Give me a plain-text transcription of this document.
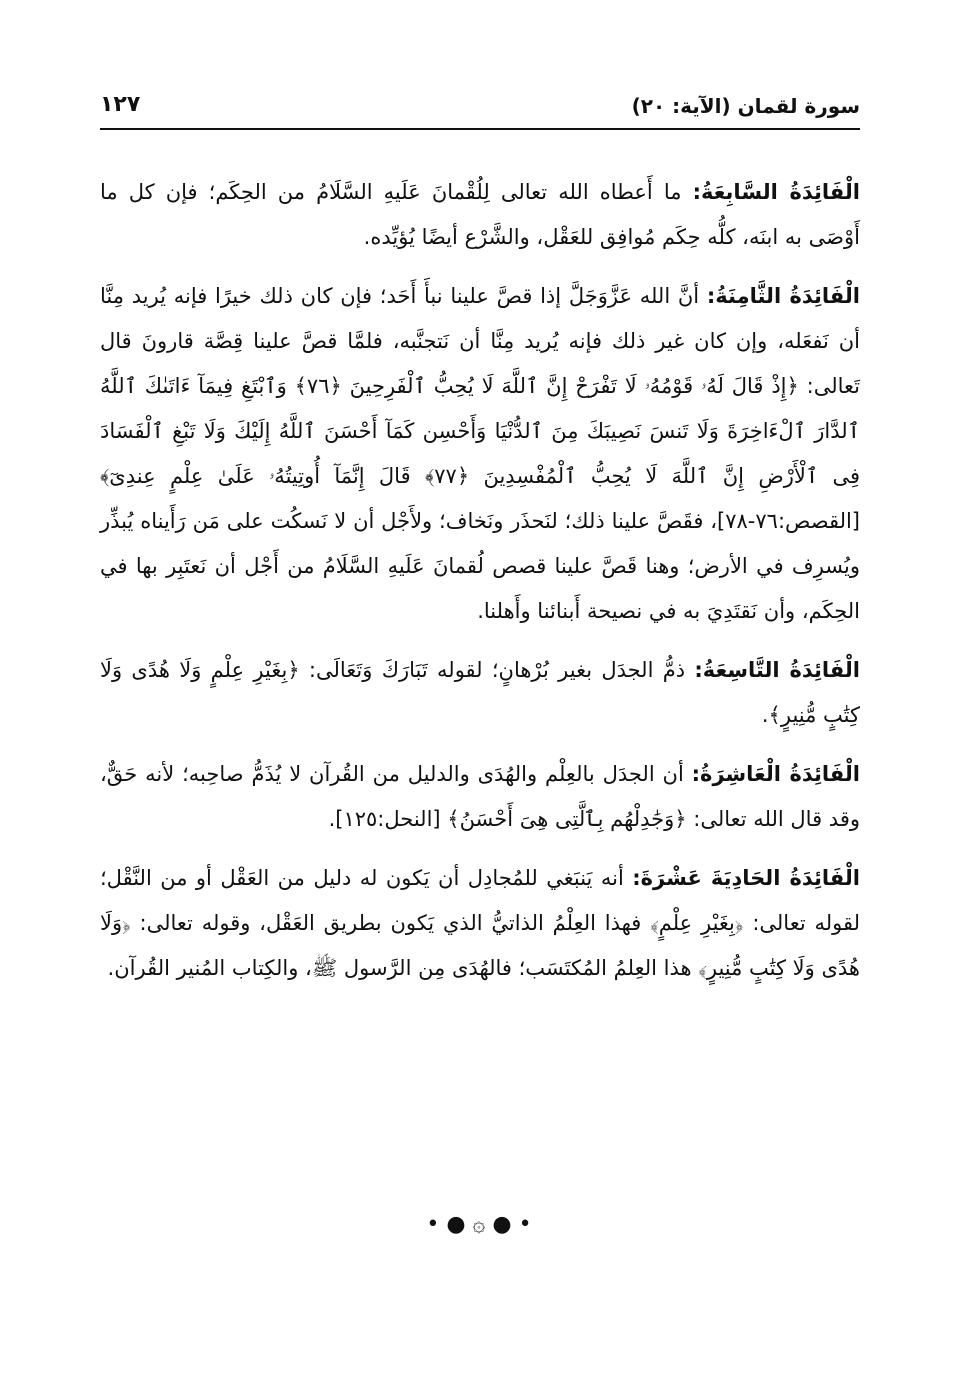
سورة لقمان (الآية: ٢٠)
١٢٧

الْفَائِدَةُ السَّابِعَةُ: ما أَعطاه الله تعالى لِلُقْمانَ عَلَيهِ السَّلَامُ من الحِكَم؛ فإن كل ما أَوْصَى به ابنَه، كلُّه حِكَم مُوافِق للعَقْل، والشَّرْع أيضًا يُؤيِّده.

الْفَائِدَةُ الثَّامِنَةُ: أنَّ الله عَزَّوَجَلَّ إذا قصَّ علينا نبأَ أَحَد؛ فإن كان ذلك خيرًا فإنه يُريد مِنَّا أن نَفعَله، وإن كان غير ذلك فإنه يُريد مِنَّا أن نَتجنَّبه، فلمَّا قصَّ علينا قِصَّة قارونَ قال تَعالى: ﴿إِذْ قَالَ لَهُۥ قَوْمُهُۥ لَا تَفْرَحْ إِنَّ ٱللَّهَ لَا يُحِبُّ ٱلْفَرِحِينَ ﴿٧٦﴾ وَٱبْتَغِ فِيمَآ ءَاتَىٰكَ ٱللَّهُ ٱلدَّارَ ٱلْءَاخِرَةَ وَلَا تَنسَ نَصِيبَكَ مِنَ ٱلدُّنْيَا وَأَحْسِن كَمَآ أَحْسَنَ ٱللَّهُ إِلَيْكَ وَلَا تَبْغِ ٱلْفَسَادَ فِى ٱلْأَرْضِ إِنَّ ٱللَّهَ لَا يُحِبُّ ٱلْمُفْسِدِينَ ﴿٧٧﴾ قَالَ إِنَّمَآ أُوتِيتُهُۥ عَلَىٰ عِلْمٍ عِندِىٓ﴾ [القصص:٧٦-٧٨]، فقَصَّ علينا ذلك؛ لنَحذَر ونَخاف؛ ولأَجْل أن لا نَسكُت على مَن رَأَيناه يُبذِّر ويُسرِف في الأرض؛ وهنا قَصَّ علينا قصص لُقمانَ عَلَيهِ السَّلَامُ من أَجْل أن نَعتَبِر بها في الحِكَم، وأن نَقتَدِيَ به في نصيحة أَبنائنا وأَهلنا.

الْفَائِدَةُ التَّاسِعَةُ: ذمُّ الجدَل بغير بُرْهانٍ؛ لقوله تَبَارَكَ وَتَعَالَى: ﴿بِغَيْرِ عِلْمٍ وَلَا هُدًى وَلَا كِتَٰبٍ مُّنِيرٍ﴾.

الْفَائِدَةُ الْعَاشِرَةُ: أن الجدَل بالعِلْم والهُدَى والدليل من القُرآن لا يُذَمُّ صاحِبه؛ لأنه حَقٌّ، وقد قال الله تعالى: ﴿وَجَٰدِلْهُم بِٱلَّتِى هِىَ أَحْسَنُ﴾ [النحل:١٢٥].

الْفَائِدَةُ الحَادِيَةَ عَشْرَةَ: أنه يَنبَغي للمُجادِل أن يَكون له دليل من العَقْل أو من النَّقْل؛ لقوله تعالى: ﴿بِغَيْرِ عِلْمٍ﴾ فهذا العِلْمُ الذاتيُّ الذي يَكون بطريق العَقْل، وقوله تعالى: ﴿وَلَا هُدًى وَلَا كِتَٰبٍ مُّنِيرٍ﴾ هذا العِلمُ المُكتَسَب؛ فالهُدَى مِن الرَّسول ﷺ، والكِتاب المُنير القُرآن.

• ● ۞ ● •
